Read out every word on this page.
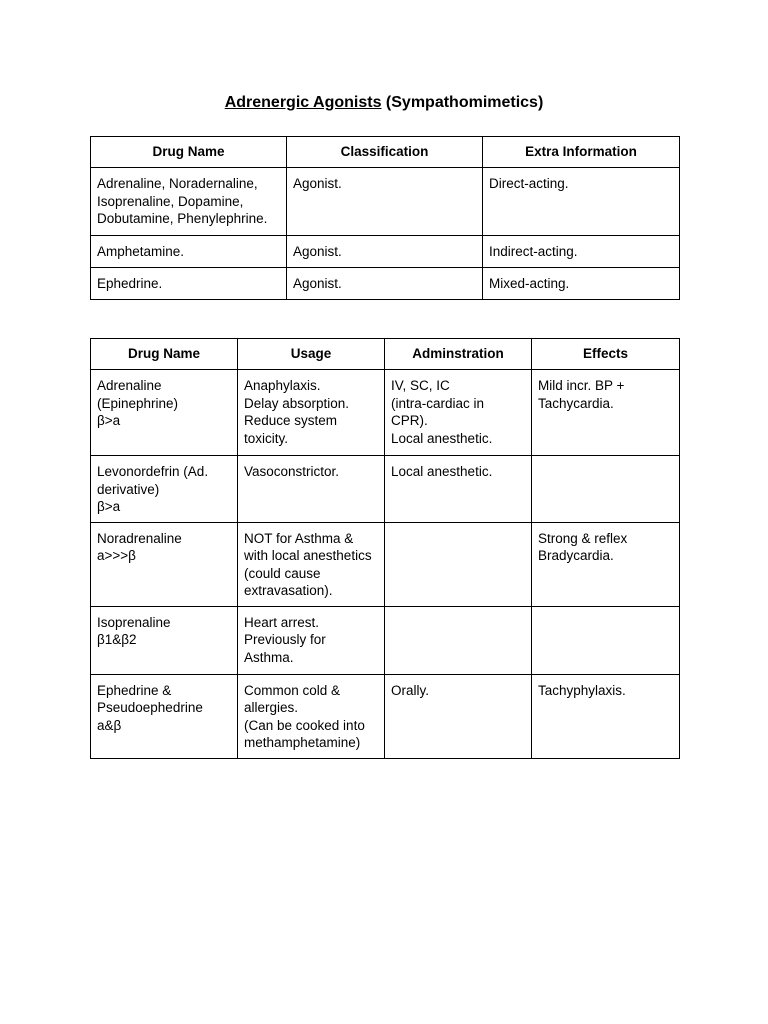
Adrenergic Agonists (Sympathomimetics)
Drug Name	Classification	Extra Information

Adrenaline, Noradernaline,
Isoprenaline, Dopamine,
Dobutamine, Phenylephrine.	Agonist.	Direct-acting.

Amphetamine.	Agonist.	Indirect-acting.

Ephedrine.	Agonist.	Mixed-acting.
Drug Name	Usage	Adminstration	Effects

Adrenaline
(Epinephrine)
β>a	Anaphylaxis.
Delay absorption.
Reduce system
toxicity.	IV, SC, IC
(intra-cardiac in
CPR).
Local anesthetic.	Mild incr. BP +
Tachycardia.

Levonordefrin (Ad.
derivative)
β>a	Vasoconstrictor.	Local anesthetic.	

Noradrenaline
a>>>β	NOT for Asthma &
with local anesthetics
(could cause
extravasation).		Strong & reflex
Bradycardia.

Isoprenaline
β1&β2	Heart arrest.
Previously for
Asthma.		

Ephedrine &
Pseudoephedrine
a&β	Common cold &
allergies.
(Can be cooked into
methamphetamine)	Orally.	Tachyphylaxis.
